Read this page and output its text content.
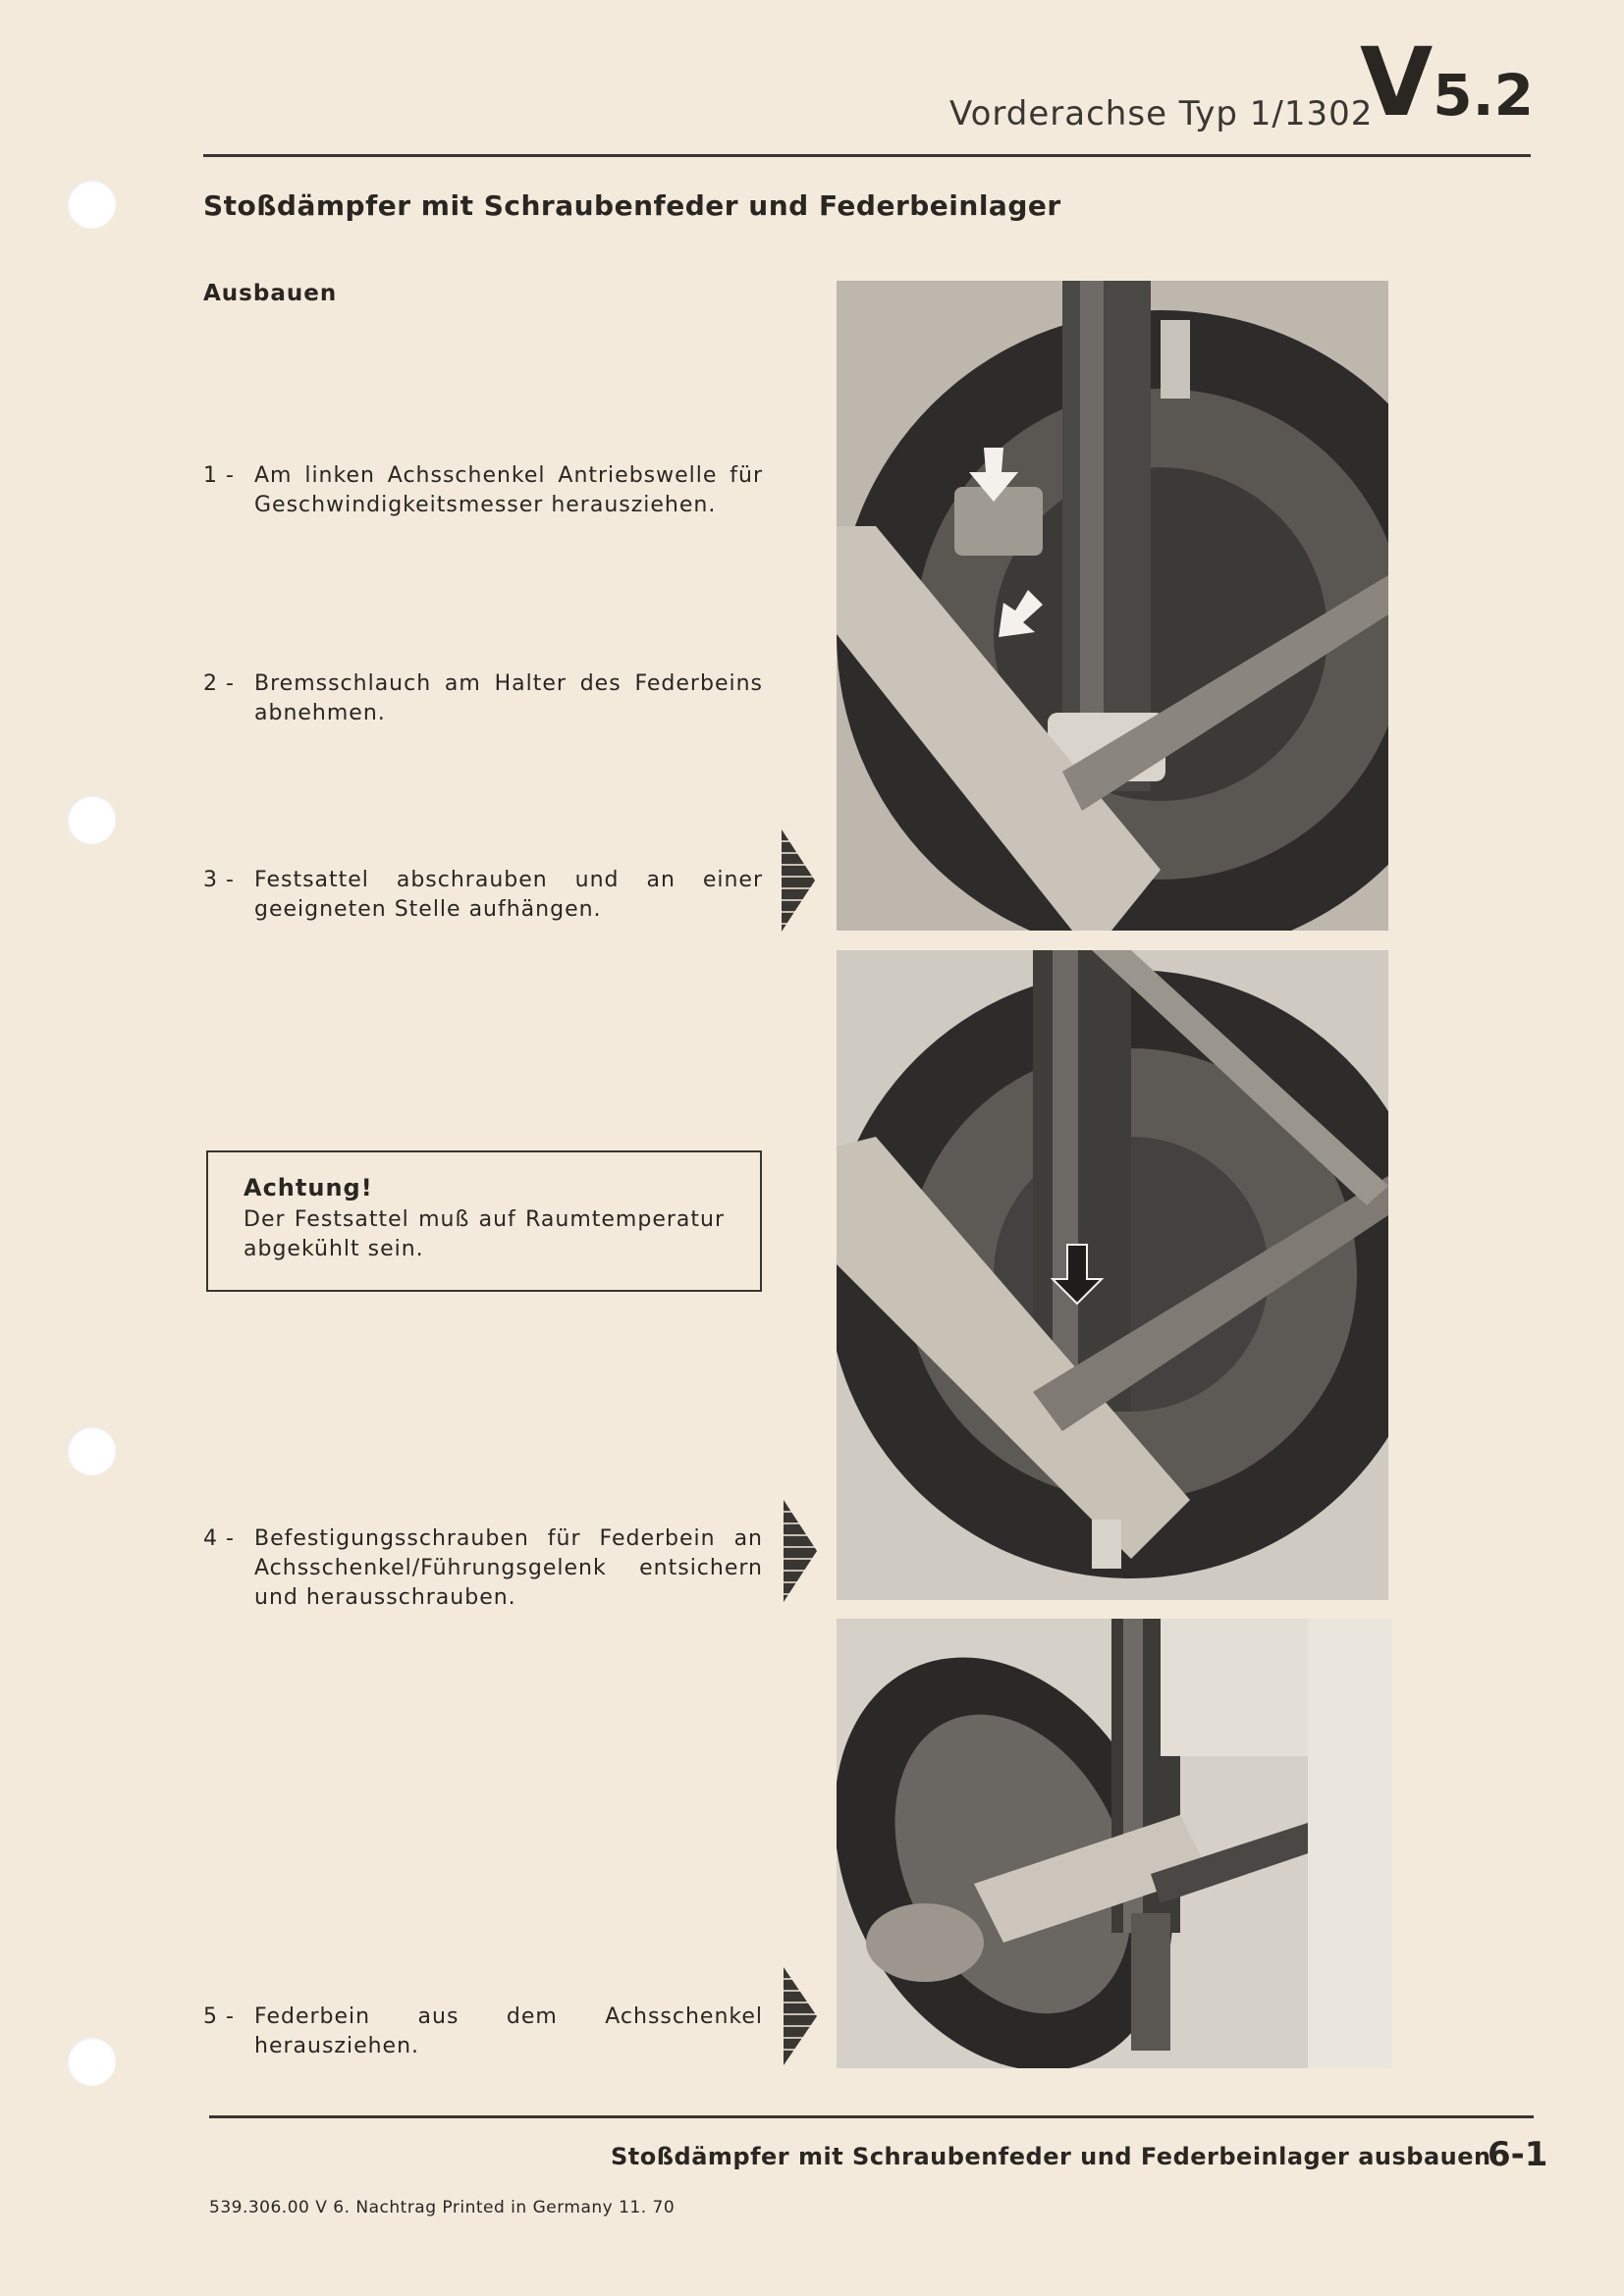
Vorderachse Typ 1/1302
V5.2
Stoßdämpfer mit Schraubenfeder und Federbeinlager
Ausbauen
1 - Am linken Achsschenkel Antriebswelle für Geschwindigkeitsmesser herausziehen.
2 - Bremsschlauch am Halter des Federbeins abnehmen.
3 - Festsattel abschrauben und an einer geeigneten Stelle aufhängen.
Achtung!
Der Festsattel muß auf Raumtemperatur abgekühlt sein.
4 - Befestigungsschrauben für Federbein an Achsschenkel/Führungsgelenk entsichern und herausschrauben.
5 - Federbein aus dem Achsschenkel herausziehen.
Stoßdämpfer mit Schraubenfeder und Federbeinlager ausbauen
6-1
539.306.00 V 6. Nachtrag Printed in Germany 11. 70
